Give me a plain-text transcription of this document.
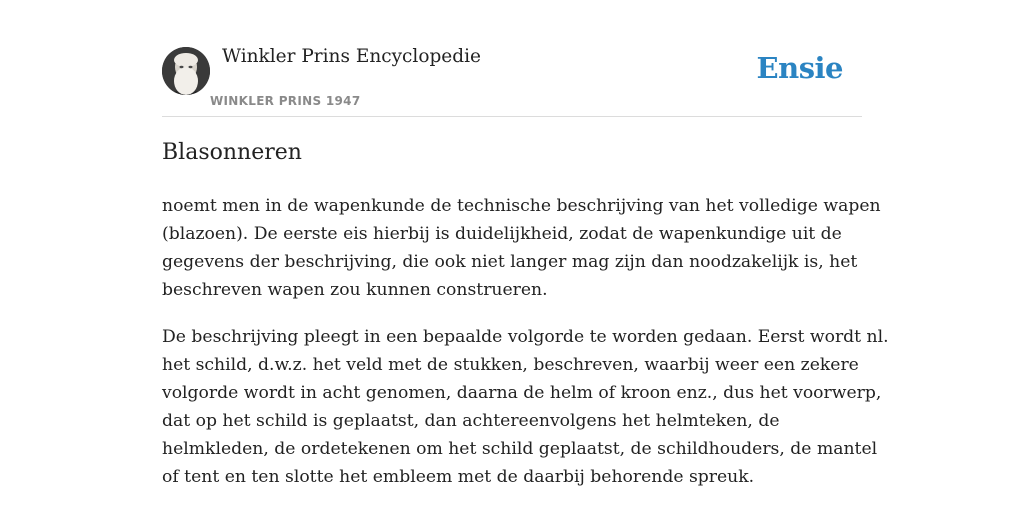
Winkler Prins Encyclopedie
WINKLER PRINS 1947
Ensie
Blasonneren

noemt men in de wapenkunde de technische beschrijving van het volledige wapen
(blazoen). De eerste eis hierbij is duidelijkheid, zodat de wapenkundige uit de
gegevens der beschrijving, die ook niet langer mag zijn dan noodzakelijk is, het
beschreven wapen zou kunnen construeren.

De beschrijving pleegt in een bepaalde volgorde te worden gedaan. Eerst wordt nl.
het schild, d.w.z. het veld met de stukken, beschreven, waarbij weer een zekere
volgorde wordt in acht genomen, daarna de helm of kroon enz., dus het voorwerp,
dat op het schild is geplaatst, dan achtereenvolgens het helmteken, de
helmkleden, de ordetekenen om het schild geplaatst, de schildhouders, de mantel
of tent en ten slotte het embleem met de daarbij behorende spreuk.
